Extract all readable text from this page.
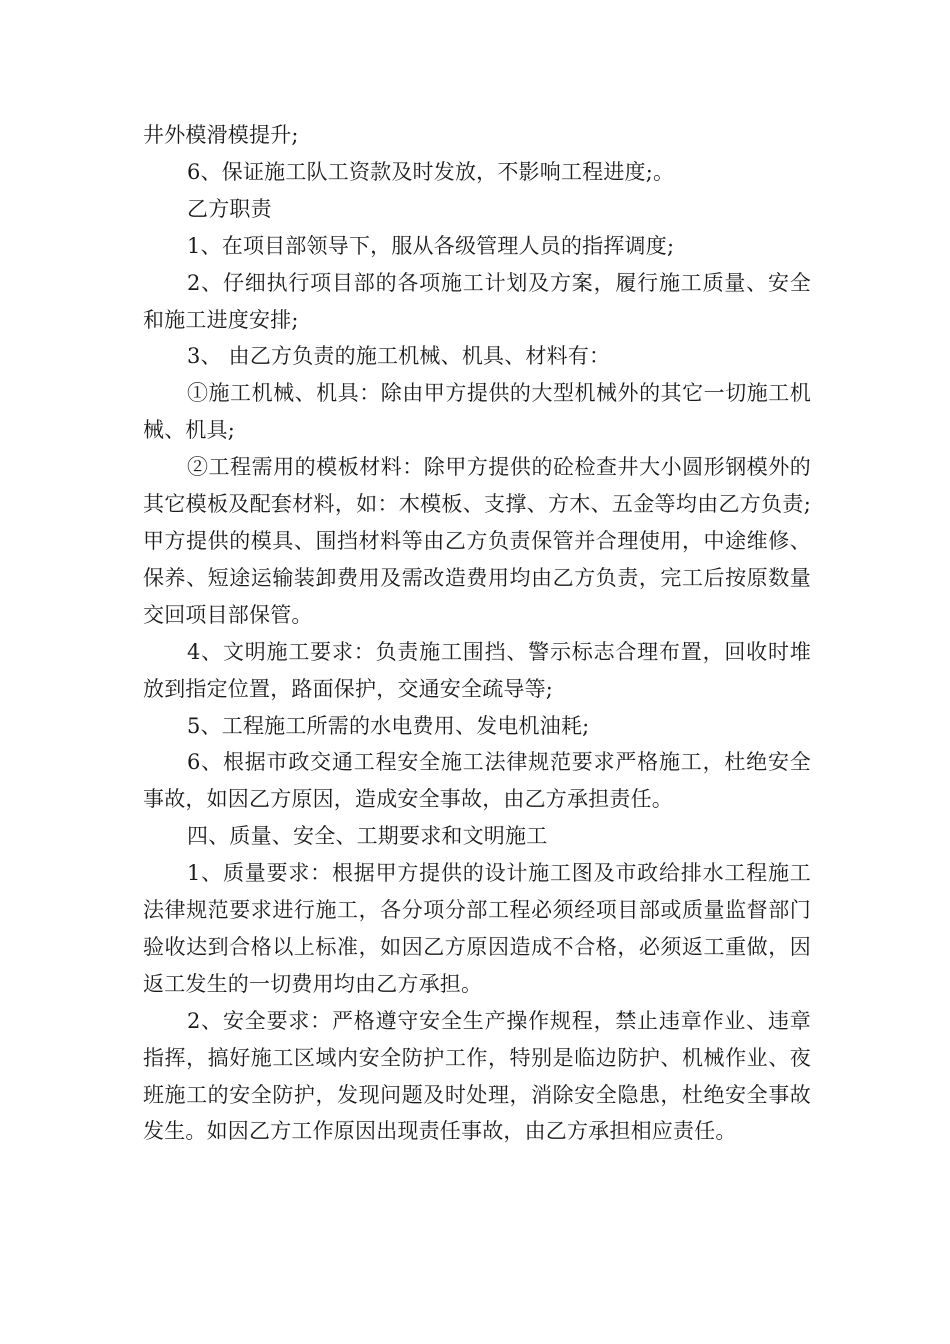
井外模滑模提升;

6、保证施工队工资款及时发放，不影响工程进度;。

乙方职责

1、在项目部领导下，服从各级管理人员的指挥调度;

2、仔细执行项目部的各项施工计划及方案，履行施工质量、安全和施工进度安排;

3、 由乙方负责的施工机械、机具、材料有：

①施工机械、机具：除由甲方提供的大型机械外的其它一切施工机械、机具;

②工程需用的模板材料：除甲方提供的砼检查井大小圆形钢模外的其它模板及配套材料，如：木模板、支撑、方木、五金等均由乙方负责;甲方提供的模具、围挡材料等由乙方负责保管并合理使用，中途维修、保养、短途运输装卸费用及需改造费用均由乙方负责，完工后按原数量交回项目部保管。

4、文明施工要求：负责施工围挡、警示标志合理布置，回收时堆放到指定位置，路面保护，交通安全疏导等;

5、工程施工所需的水电费用、发电机油耗;

6、根据市政交通工程安全施工法律规范要求严格施工，杜绝安全事故，如因乙方原因，造成安全事故，由乙方承担责任。

四、质量、安全、工期要求和文明施工

1、质量要求：根据甲方提供的设计施工图及市政给排水工程施工法律规范要求进行施工，各分项分部工程必须经项目部或质量监督部门验收达到合格以上标准，如因乙方原因造成不合格，必须返工重做，因返工发生的一切费用均由乙方承担。

2、安全要求：严格遵守安全生产操作规程，禁止违章作业、违章指挥，搞好施工区域内安全防护工作，特别是临边防护、机械作业、夜班施工的安全防护，发现问题及时处理，消除安全隐患，杜绝安全事故发生。如因乙方工作原因出现责任事故，由乙方承担相应责任。
